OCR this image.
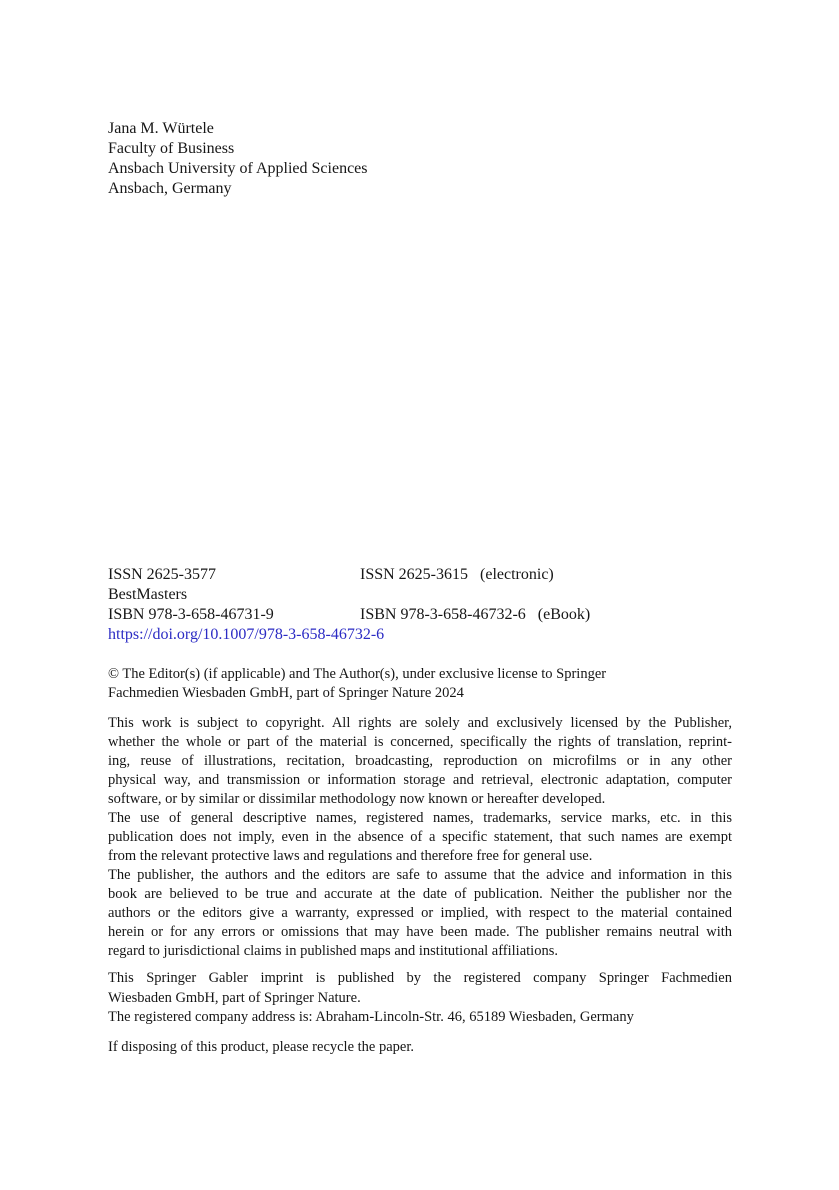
Jana M. Würtele
Faculty of Business
Ansbach University of Applied Sciences
Ansbach, Germany
ISSN 2625-3577	ISSN 2625-3615 (electronic)
BestMasters
ISBN 978-3-658-46731-9	ISBN 978-3-658-46732-6 (eBook)
https://doi.org/10.1007/978-3-658-46732-6
© The Editor(s) (if applicable) and The Author(s), under exclusive license to Springer
Fachmedien Wiesbaden GmbH, part of Springer Nature 2024
This work is subject to copyright. All rights are solely and exclusively licensed by the Publisher,
whether the whole or part of the material is concerned, specifically the rights of translation, reprint-
ing, reuse of illustrations, recitation, broadcasting, reproduction on microfilms or in any other
physical way, and transmission or information storage and retrieval, electronic adaptation, computer
software, or by similar or dissimilar methodology now known or hereafter developed.
The use of general descriptive names, registered names, trademarks, service marks, etc. in this
publication does not imply, even in the absence of a specific statement, that such names are exempt
from the relevant protective laws and regulations and therefore free for general use.
The publisher, the authors and the editors are safe to assume that the advice and information in this
book are believed to be true and accurate at the date of publication. Neither the publisher nor the
authors or the editors give a warranty, expressed or implied, with respect to the material contained
herein or for any errors or omissions that may have been made. The publisher remains neutral with
regard to jurisdictional claims in published maps and institutional affiliations.
This Springer Gabler imprint is published by the registered company Springer Fachmedien
Wiesbaden GmbH, part of Springer Nature.
The registered company address is: Abraham-Lincoln-Str. 46, 65189 Wiesbaden, Germany
If disposing of this product, please recycle the paper.
